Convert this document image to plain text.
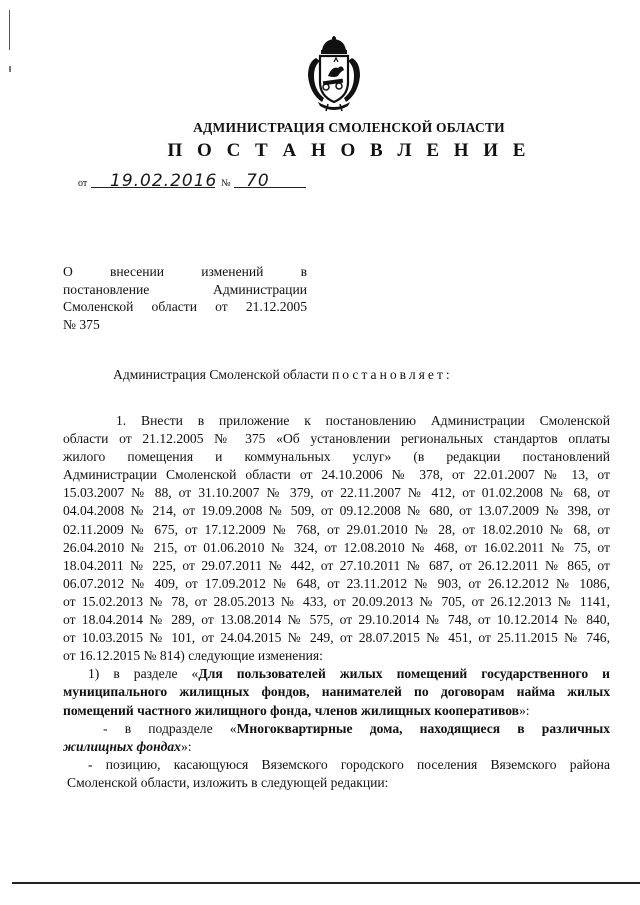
АДМИНИСТРАЦИЯ СМОЛЕНСКОЙ ОБЛАСТИ
П О С Т А Н О В Л Е Н И Е
от 19.02.2016 № 70
О внесении изменений в
постановление Администрации
Смоленской области от 21.12.2005
№ 375
Администрация Смоленской области постановляет:
1. Внести в приложение к постановлению Администрации Смоленской
области от 21.12.2005 № 375 «Об установлении региональных стандартов оплаты
жилого помещения и коммунальных услуг» (в редакции постановлений
Администрации Смоленской области от 24.10.2006 № 378, от 22.01.2007 № 13, от
15.03.2007 № 88, от 31.10.2007 № 379, от 22.11.2007 № 412, от 01.02.2008 № 68, от
04.04.2008 № 214, от 19.09.2008 № 509, от 09.12.2008 № 680, от 13.07.2009 № 398, от
02.11.2009 № 675, от 17.12.2009 № 768, от 29.01.2010 № 28, от 18.02.2010 № 68, от
26.04.2010 № 215, от 01.06.2010 № 324, от 12.08.2010 № 468, от 16.02.2011 № 75, от
18.04.2011 № 225, от 29.07.2011 № 442, от 27.10.2011 № 687, от 26.12.2011 № 865, от
06.07.2012 № 409, от 17.09.2012 № 648, от 23.11.2012 № 903, от 26.12.2012 № 1086,
от 15.02.2013 № 78, от 28.05.2013 № 433, от 20.09.2013 № 705, от 26.12.2013 № 1141,
от 18.04.2014 № 289, от 13.08.2014 № 575, от 29.10.2014 № 748, от 10.12.2014 № 840,
от 10.03.2015 № 101, от 24.04.2015 № 249, от 28.07.2015 № 451, от 25.11.2015 № 746,
от 16.12.2015 № 814) следующие изменения:
1) в разделе «Для пользователей жилых помещений государственного и
муниципального жилищных фондов, нанимателей по договорам найма жилых
помещений частного жилищного фонда, членов жилищных кооперативов»:
- в подразделе «Многоквартирные дома, находящиеся в различных
жилищных фондах»:
- позицию, касающуюся Вяземского городского поселения Вяземского района
Смоленской области, изложить в следующей редакции:
